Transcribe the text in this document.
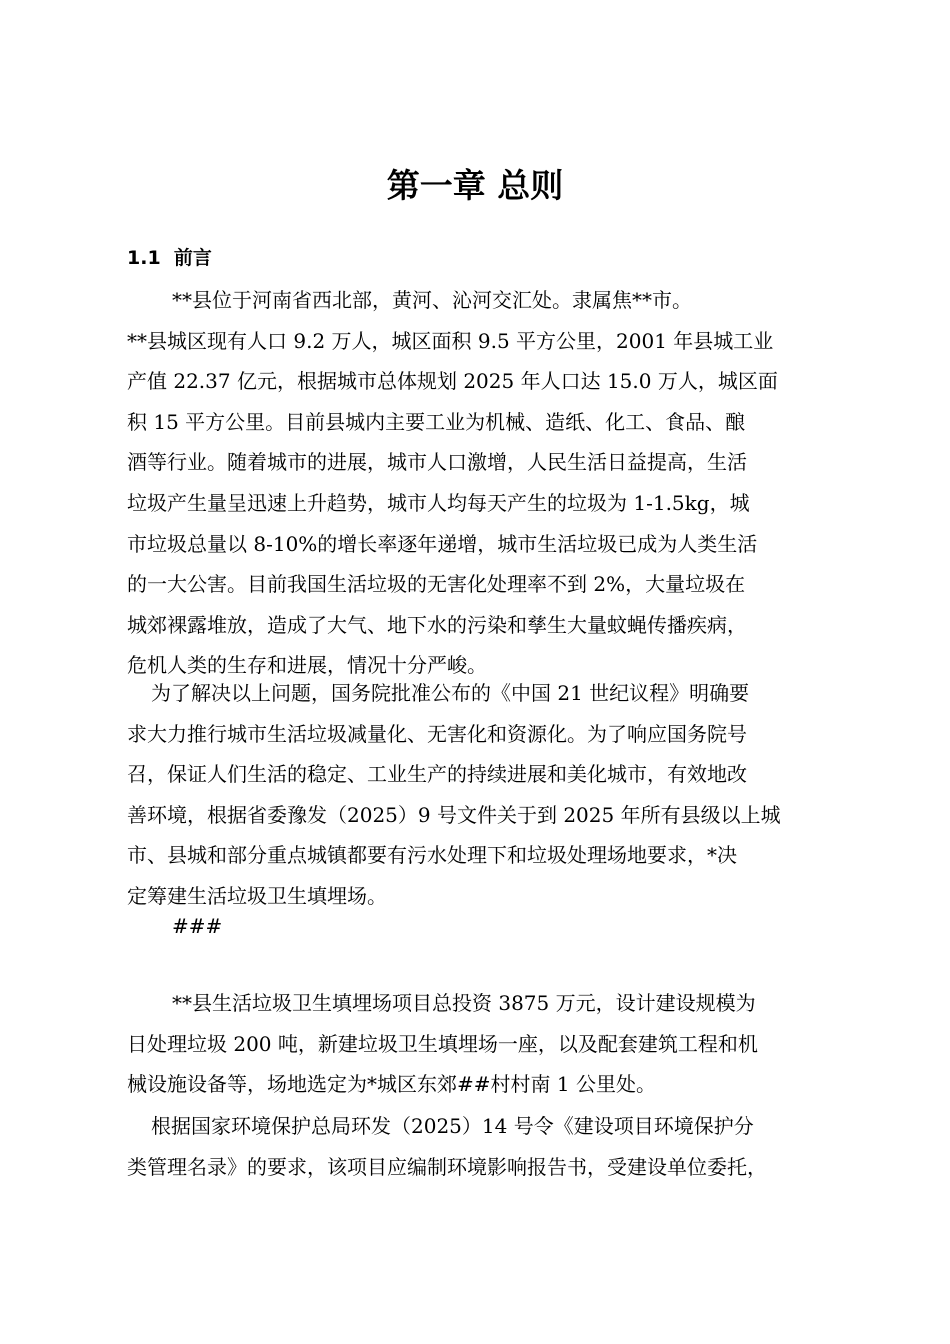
第一章 总则
1.1 前言
**县位于河南省西北部，黄河、沁河交汇处。隶属焦**市。
**县城区现有人口 9.2 万人，城区面积 9.5 平方公里，2001 年县城工业
产值 22.37 亿元，根据城市总体规划 2025 年人口达 15.0 万人，城区面
积 15 平方公里。目前县城内主要工业为机械、造纸、化工、食品、酿
酒等行业。随着城市的进展，城市人口激增，人民生活日益提高，生活
垃圾产生量呈迅速上升趋势，城市人均每天产生的垃圾为 1-1.5kg，城
市垃圾总量以 8-10%的增长率逐年递增，城市生活垃圾已成为人类生活
的一大公害。目前我国生活垃圾的无害化处理率不到 2%，大量垃圾在
城郊裸露堆放，造成了大气、地下水的污染和孳生大量蚊蝇传播疾病，
危机人类的生存和进展，情况十分严峻。
为了解决以上问题，国务院批准公布的《中国 21 世纪议程》明确要
求大力推行城市生活垃圾减量化、无害化和资源化。为了响应国务院号
召，保证人们生活的稳定、工业生产的持续进展和美化城市，有效地改
善环境，根据省委豫发（2025）9 号文件关于到 2025 年所有县级以上城
市、县城和部分重点城镇都要有污水处理下和垃圾处理场地要求，*决
定筹建生活垃圾卫生填埋场。
###
**县生活垃圾卫生填埋场项目总投资 3875 万元，设计建设规模为
日处理垃圾 200 吨，新建垃圾卫生填埋场一座，以及配套建筑工程和机
械设施设备等，场地选定为*城区东郊##村村南 1 公里处。
根据国家环境保护总局环发（2025）14 号令《建设项目环境保护分
类管理名录》的要求，该项目应编制环境影响报告书，受建设单位委托，
